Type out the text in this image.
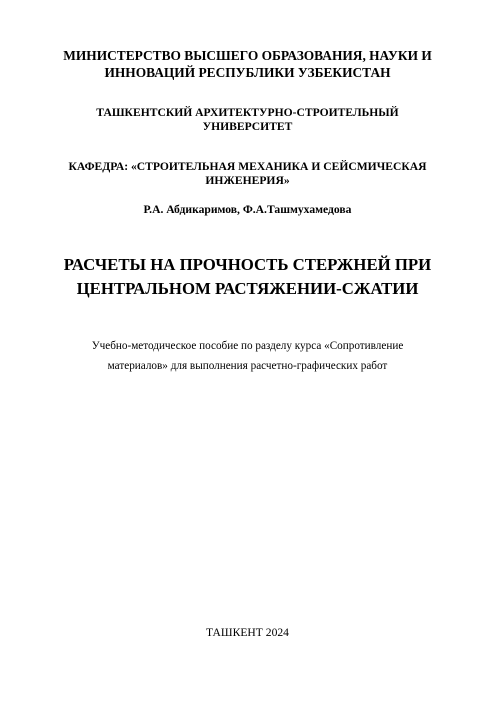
МИНИСТЕРСТВО ВЫСШЕГО ОБРАЗОВАНИЯ, НАУКИ И
ИННОВАЦИЙ РЕСПУБЛИКИ УЗБЕКИСТАН
ТАШКЕНТСКИЙ АРХИТЕКТУРНО-СТРОИТЕЛЬНЫЙ
УНИВЕРСИТЕТ
КАФЕДРА: «СТРОИТЕЛЬНАЯ МЕХАНИКА И СЕЙСМИЧЕСКАЯ
ИНЖЕНЕРИЯ»
Р.А. Абдикаримов, Ф.А.Ташмухамедова
РАСЧЕТЫ НА ПРОЧНОСТЬ СТЕРЖНЕЙ ПРИ
ЦЕНТРАЛЬНОМ РАСТЯЖЕНИИ-СЖАТИИ
Учебно-методическое пособие по разделу курса «Сопротивление
материалов» для выполнения расчетно-графических работ
ТАШКЕНТ 2024
